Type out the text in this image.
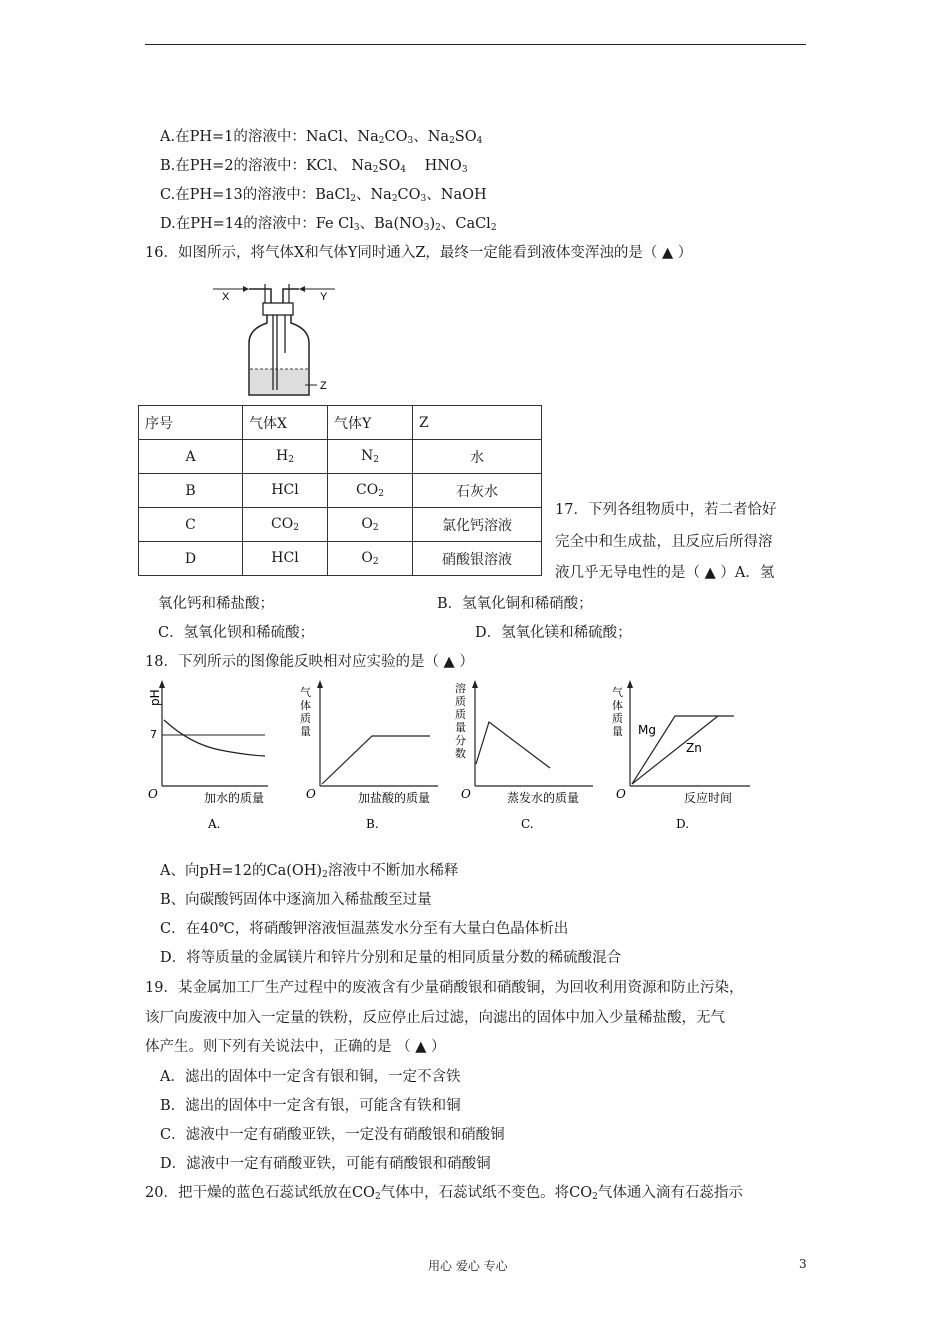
A.在PH=1的溶液中：NaCl、$Na_2CO_3$、$Na_2SO_4$
B.在PH=2的溶液中：KCl、 $Na_2SO_4$ $HNO_3$
C.在PH=13的溶液中：BaCl$_2$、$Na_2CO_3$、NaOH
D.在PH=14的溶液中：Fe $Cl_3$、$Ba(NO_3)_2$、CaCl$_2$
16．如图所示，将气体X和气体Y同时通入Z，最终一定能看到液体变浑浊的是（ ▲ ）
X	Y
Z
序号	气体X	气体Y	Z
A	$H_2$	$N_2$	水
B	HCl	$CO_2$	石灰水
C	$CO_2$	$O_2$	氯化钙溶液
D	HCl	$O_2$	硝酸银溶液
17．下列各组物质中，若二者恰好
完全中和生成盐，且反应后所得溶
液几乎无导电性的是（ ▲ ）A．氢
氧化钙和稀盐酸；	B．氢氧化铜和稀硝酸；
C．氢氧化钡和稀硫酸；	D．氢氧化镁和稀硫酸；
18．下列所示的图像能反映相对应实验的是（ ▲ ）
pH
7
O	加水的质量
A.
气
体
质
量
O	加盐酸的质量
B.
溶
质
质
量
分
数
O	蒸发水的质量
C.
气
体
质
量 Mg
Zn
O	反应时间
D.
A、向pH=12的$Ca(OH)_2$溶液中不断加水稀释
B、向碳酸钙固体中逐滴加入稀盐酸至过量
C．在40℃，将硝酸钾溶液恒温蒸发水分至有大量白色晶体析出
D．将等质量的金属镁片和锌片分别和足量的相同质量分数的稀硫酸混合
19．某金属加工厂生产过程中的废液含有少量硝酸银和硝酸铜，为回收利用资源和防止污染，
该厂向废液中加入一定量的铁粉，反应停止后过滤，向滤出的固体中加入少量稀盐酸，无气
体产生。则下列有关说法中，正确的是 （ ▲ ）
A．滤出的固体中一定含有银和铜，一定不含铁
B．滤出的固体中一定含有银，可能含有铁和铜
C．滤液中一定有硝酸亚铁，一定没有硝酸银和硝酸铜
D．滤液中一定有硝酸亚铁，可能有硝酸银和硝酸铜
20．把干燥的蓝色石蕊试纸放在$CO_2$气体中，石蕊试纸不变色。将$CO_2$气体通入滴有石蕊指示
用心 爱心 专心	3
